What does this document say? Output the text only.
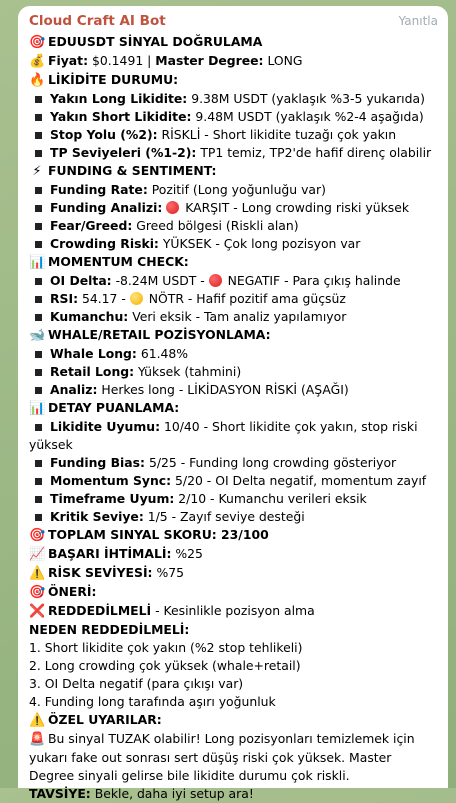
Cloud Craft AI Bot	Yanıtla
🎯 EDUUSDT SİNYAL DOĞRULAMA
💰 Fiyat: $0.1491 | Master Degree: LONG
🔥 LİKİDİTE DURUMU:
Yakın Long Likidite: 9.38M USDT (yaklaşık %3-5 yukarıda)
Yakın Short Likidite: 9.48M USDT (yaklaşık %2-4 aşağıda)
Stop Yolu (%2): RİSKLİ - Short likidite tuzağı çok yakın
TP Seviyeleri (%1-2): TP1 temiz, TP2'de hafif direnç olabilir
⚡ FUNDING & SENTIMENT:
Funding Rate: Pozitif (Long yoğunluğu var)
Funding Analizi:  KARŞIT - Long crowding riski yüksek
Fear/Greed: Greed bölgesi (Riskli alan)
Crowding Riski: YÜKSEK - Çok long pozisyon var
📊 MOMENTUM CHECK:
OI Delta: -8.24M USDT -  NEGATIF - Para çıkış halinde
RSI: 54.17 -  NÖTR - Hafif pozitif ama güçsüz
Kumanchu: Veri eksik - Tam analiz yapılamıyor
🐋 WHALE/RETAIL POZİSYONLAMA:
Whale Long: 61.48%
Retail Long: Yüksek (tahmini)
Analiz: Herkes long - LİKİDASYON RİSKİ (AŞAĞI)
📊 DETAY PUANLAMA:
Likidite Uyumu: 10/40 - Short likidite çok yakın, stop riski yüksek
Funding Bias: 5/25 - Funding long crowding gösteriyor
Momentum Sync: 5/20 - OI Delta negatif, momentum zayıf
Timeframe Uyum: 2/10 - Kumanchu verileri eksik
Kritik Seviye: 1/5 - Zayıf seviye desteği
🎯 TOPLAM SINYAL SKORU: 23/100
📈 BAŞARI İHTİMALİ: %25
⚠️ RİSK SEVİYESİ: %75
🎯 ÖNERİ:
❌ REDDEDİLMELİ - Kesinlikle pozisyon alma
NEDEN REDDEDİLMELİ:
1. Short likidite çok yakın (%2 stop tehlikeli)
2. Long crowding çok yüksek (whale+retail)
3. OI Delta negatif (para çıkışı var)
4. Funding long tarafında aşırı yoğunluk
⚠️ ÖZEL UYARILAR:
🚨 Bu sinyal TUZAK olabilir! Long pozisyonları temizlemek için yukarı fake out sonrası sert düşüş riski çok yüksek. Master Degree sinyali gelirse bile likidite durumu çok riskli.
TAVSİYE: Bekle, daha iyi setup ara!
